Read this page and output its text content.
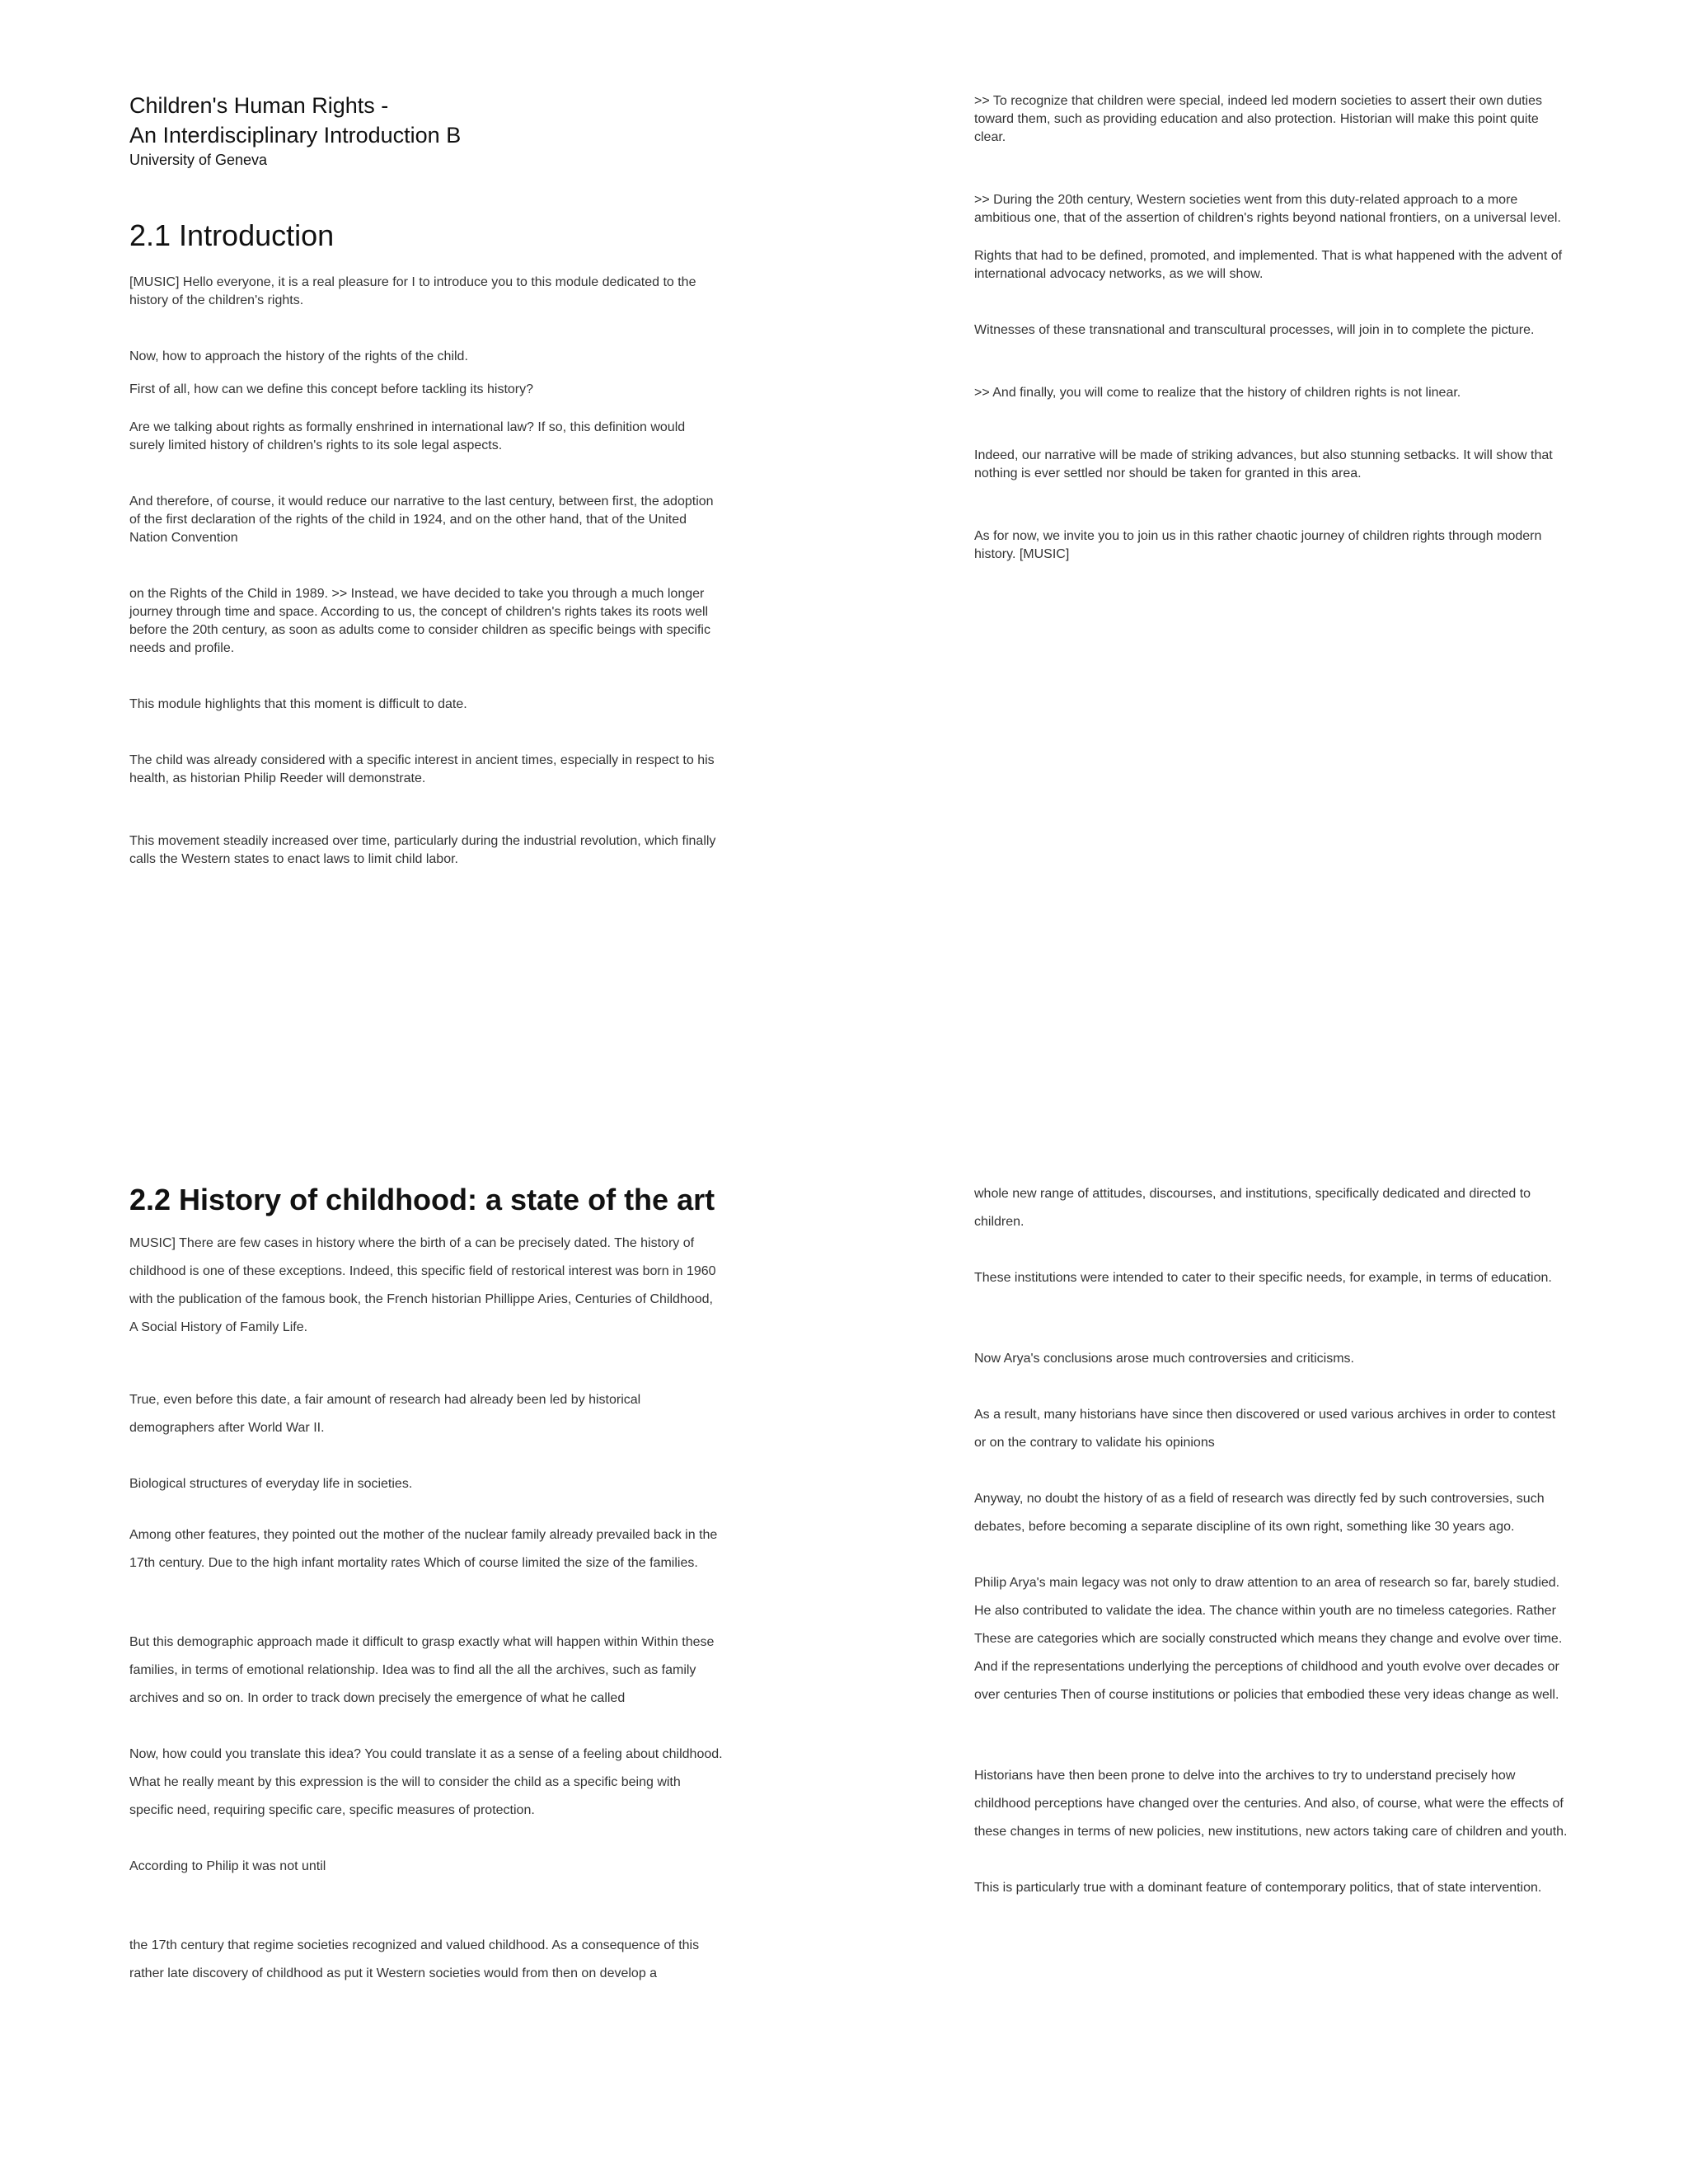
Children's Human Rights -
An Interdisciplinary Introduction B
University of Geneva
2.1 Introduction

[MUSIC] Hello everyone, it is a real pleasure for I to introduce you to this module dedicated to the history of the children's rights.

Now, how to approach the history of the rights of the child.

First of all, how can we define this concept before tackling its history?

Are we talking about rights as formally enshrined in international law? If so, this definition would surely limited history of children's rights to its sole legal aspects.

And therefore, of course, it would reduce our narrative to the last century, between first, the adoption of the first declaration of the rights of the child in 1924, and on the other hand, that of the United Nation Convention

on the Rights of the Child in 1989. >> Instead, we have decided to take you through a much longer journey through time and space. According to us, the concept of children's rights takes its roots well before the 20th century, as soon as adults come to consider children as specific beings with specific needs and profile.

This module highlights that this moment is difficult to date.

The child was already considered with a specific interest in ancient times, especially in respect to his health, as historian Philip Reeder will demonstrate.

This movement steadily increased over time, particularly during the industrial revolution, which finally calls the Western states to enact laws to limit child labor.

>> To recognize that children were special, indeed led modern societies to assert their own duties toward them, such as providing education and also protection. Historian will make this point quite clear.

>> During the 20th century, Western societies went from this duty-related approach to a more ambitious one, that of the assertion of children's rights beyond national frontiers, on a universal level.

Rights that had to be defined, promoted, and implemented. That is what happened with the advent of international advocacy networks, as we will show.

Witnesses of these transnational and transcultural processes, will join in to complete the picture.

>> And finally, you will come to realize that the history of children rights is not linear.

Indeed, our narrative will be made of striking advances, but also stunning setbacks. It will show that nothing is ever settled nor should be taken for granted in this area.

As for now, we invite you to join us in this rather chaotic journey of children rights through modern history. [MUSIC]

2.2 History of childhood: a state of the art

MUSIC] There are few cases in history where the birth of a can be precisely dated. The history of childhood is one of these exceptions. Indeed, this specific field of restorical interest was born in 1960 with the publication of the famous book, the French historian Phillippe Aries, Centuries of Childhood, A Social History of Family Life.

True, even before this date, a fair amount of research had already been led by historical demographers after World War II.

Biological structures of everyday life in societies.

Among other features, they pointed out the mother of the nuclear family already prevailed back in the 17th century. Due to the high infant mortality rates Which of course limited the size of the families.

But this demographic approach made it difficult to grasp exactly what will happen within Within these families, in terms of emotional relationship. Idea was to find all the all the archives, such as family archives and so on. In order to track down precisely the emergence of what he called

Now, how could you translate this idea? You could translate it as a sense of a feeling about childhood. What he really meant by this expression is the will to consider the child as a specific being with specific need, requiring specific care, specific measures of protection.

According to Philip it was not until

the 17th century that regime societies recognized and valued childhood. As a consequence of this rather late discovery of childhood as put it Western societies would from then on develop a

whole new range of attitudes, discourses, and institutions, specifically dedicated and directed to children.

These institutions were intended to cater to their specific needs, for example, in terms of education.

Now Arya's conclusions arose much controversies and criticisms.

As a result, many historians have since then discovered or used various archives in order to contest or on the contrary to validate his opinions

Anyway, no doubt the history of as a field of research was directly fed by such controversies, such debates, before becoming a separate discipline of its own right, something like 30 years ago.

Philip Arya's main legacy was not only to draw attention to an area of research so far, barely studied. He also contributed to validate the idea. The chance within youth are no timeless categories. Rather These are categories which are socially constructed which means they change and evolve over time. And if the representations underlying the perceptions of childhood and youth evolve over decades or over centuries Then of course institutions or policies that embodied these very ideas change as well.

Historians have then been prone to delve into the archives to try to understand precisely how childhood perceptions have changed over the centuries. And also, of course, what were the effects of these changes in terms of new policies, new institutions, new actors taking care of children and youth.

This is particularly true with a dominant feature of contemporary politics, that of state intervention.
